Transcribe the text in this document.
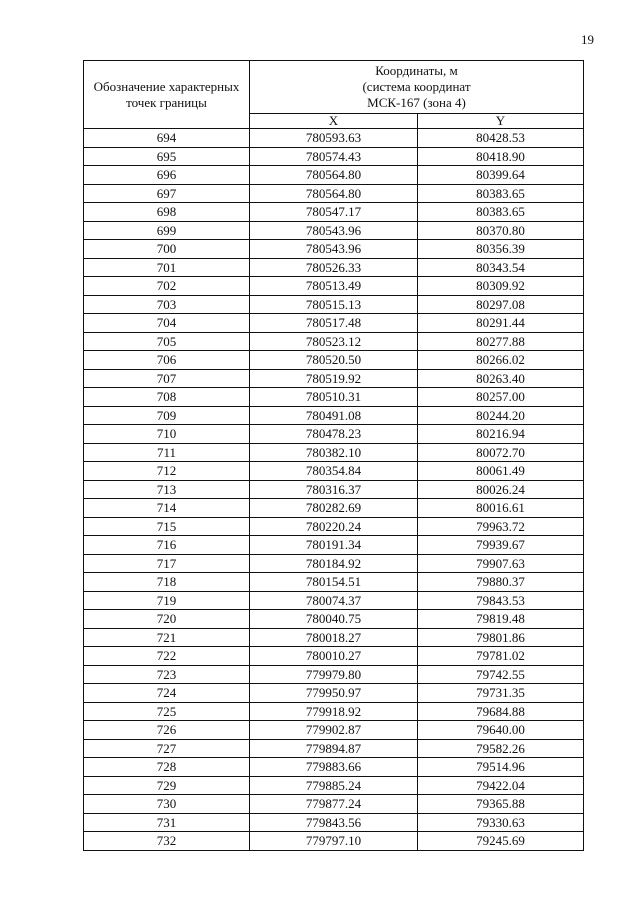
19
Обозначение характерных точек границы	Координаты, м
(система координат
МСК-167 (зона 4)	

	X	Y
694	780593.63	80428.53
695	780574.43	80418.90
696	780564.80	80399.64
697	780564.80	80383.65
698	780547.17	80383.65
699	780543.96	80370.80
700	780543.96	80356.39
701	780526.33	80343.54
702	780513.49	80309.92
703	780515.13	80297.08
704	780517.48	80291.44
705	780523.12	80277.88
706	780520.50	80266.02
707	780519.92	80263.40
708	780510.31	80257.00
709	780491.08	80244.20
710	780478.23	80216.94
711	780382.10	80072.70
712	780354.84	80061.49
713	780316.37	80026.24
714	780282.69	80016.61
715	780220.24	79963.72
716	780191.34	79939.67
717	780184.92	79907.63
718	780154.51	79880.37
719	780074.37	79843.53
720	780040.75	79819.48
721	780018.27	79801.86
722	780010.27	79781.02
723	779979.80	79742.55
724	779950.97	79731.35
725	779918.92	79684.88
726	779902.87	79640.00
727	779894.87	79582.26
728	779883.66	79514.96
729	779885.24	79422.04
730	779877.24	79365.88
731	779843.56	79330.63
732	779797.10	79245.69
